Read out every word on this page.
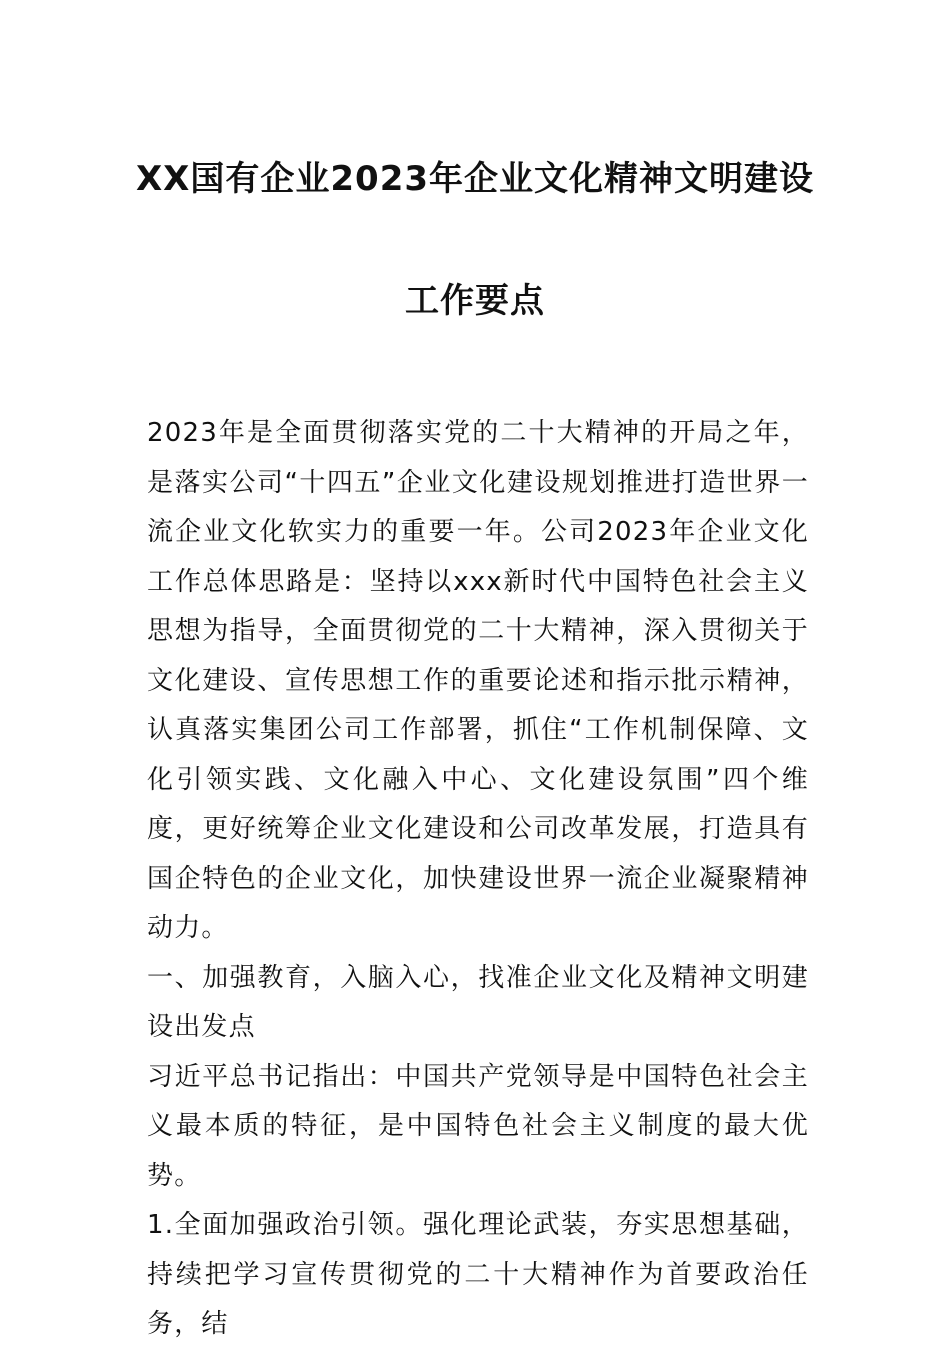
XX国有企业2023年企业文化精神文明建设
工作要点

2023年是全面贯彻落实党的二十大精神的开局之年，是落实公司“十四五”企业文化建设规划推进打造世界一流企业文化软实力的重要一年。公司2023年企业文化工作总体思路是：坚持以xxx新时代中国特色社会主义思想为指导，全面贯彻党的二十大精神，深入贯彻关于文化建设、宣传思想工作的重要论述和指示批示精神，认真落实集团公司工作部署，抓住“工作机制保障、文化引领实践、文化融入中心、文化建设氛围”四个维度，更好统筹企业文化建设和公司改革发展，打造具有国企特色的企业文化，加快建设世界一流企业凝聚精神动力。

一、加强教育，入脑入心，找准企业文化及精神文明建设出发点

习近平总书记指出：中国共产党领导是中国特色社会主义最本质的特征，是中国特色社会主义制度的最大优势。

1.全面加强政治引领。强化理论武装，夯实思想基础，持续把学习宣传贯彻党的二十大精神作为首要政治任务，结
